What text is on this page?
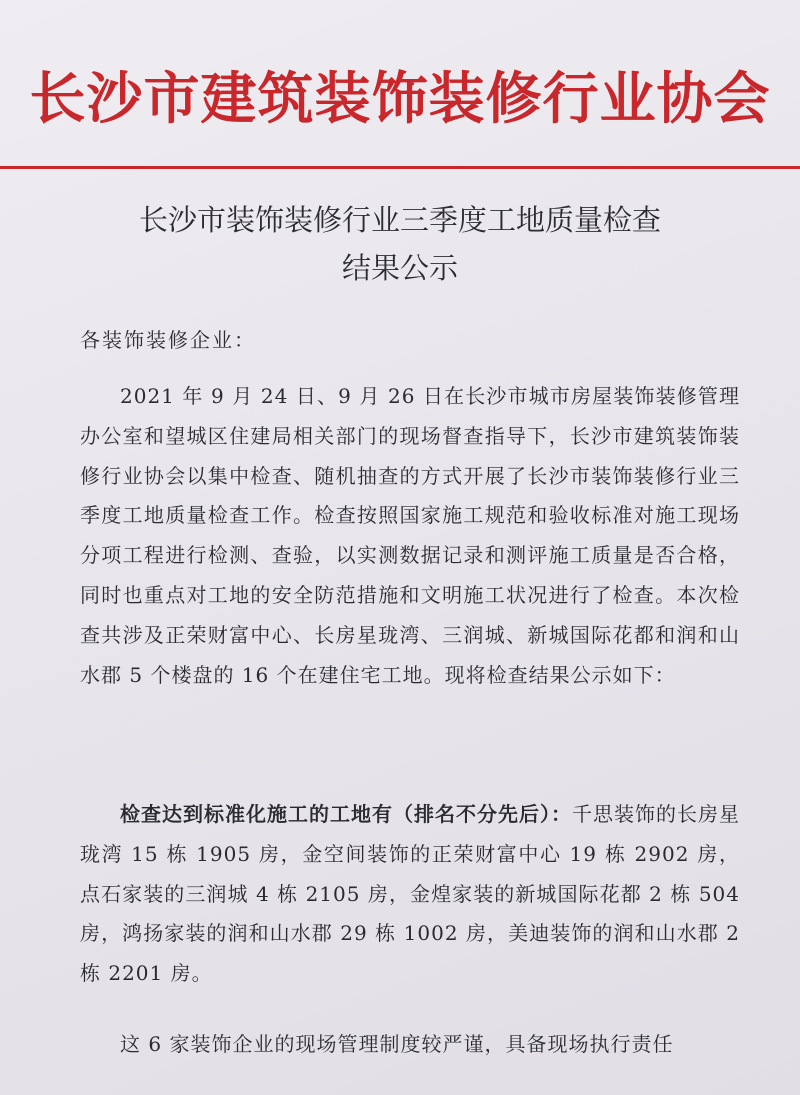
长沙市建筑装饰装修行业协会
长沙市装饰装修行业三季度工地质量检查
结果公示
各装饰装修企业：
2021 年 9 月 24 日、9 月 26 日在长沙市城市房屋装饰装修管理办公室和望城区住建局相关部门的现场督查指导下，长沙市建筑装饰装修行业协会以集中检查、随机抽查的方式开展了长沙市装饰装修行业三季度工地质量检查工作。检查按照国家施工规范和验收标准对施工现场分项工程进行检测、查验，以实测数据记录和测评施工质量是否合格，同时也重点对工地的安全防范措施和文明施工状况进行了检查。本次检查共涉及正荣财富中心、长房星珑湾、三润城、新城国际花都和润和山水郡 5 个楼盘的 16 个在建住宅工地。现将检查结果公示如下：
检查达到标准化施工的工地有（排名不分先后）：千思装饰的长房星珑湾 15 栋 1905 房，金空间装饰的正荣财富中心 19 栋 2902 房，点石家装的三润城 4 栋 2105 房，金煌家装的新城国际花都 2 栋 504 房，鸿扬家装的润和山水郡 29 栋 1002 房，美迪装饰的润和山水郡 2 栋 2201 房。
这 6 家装饰企业的现场管理制度较严谨，具备现场执行责任
